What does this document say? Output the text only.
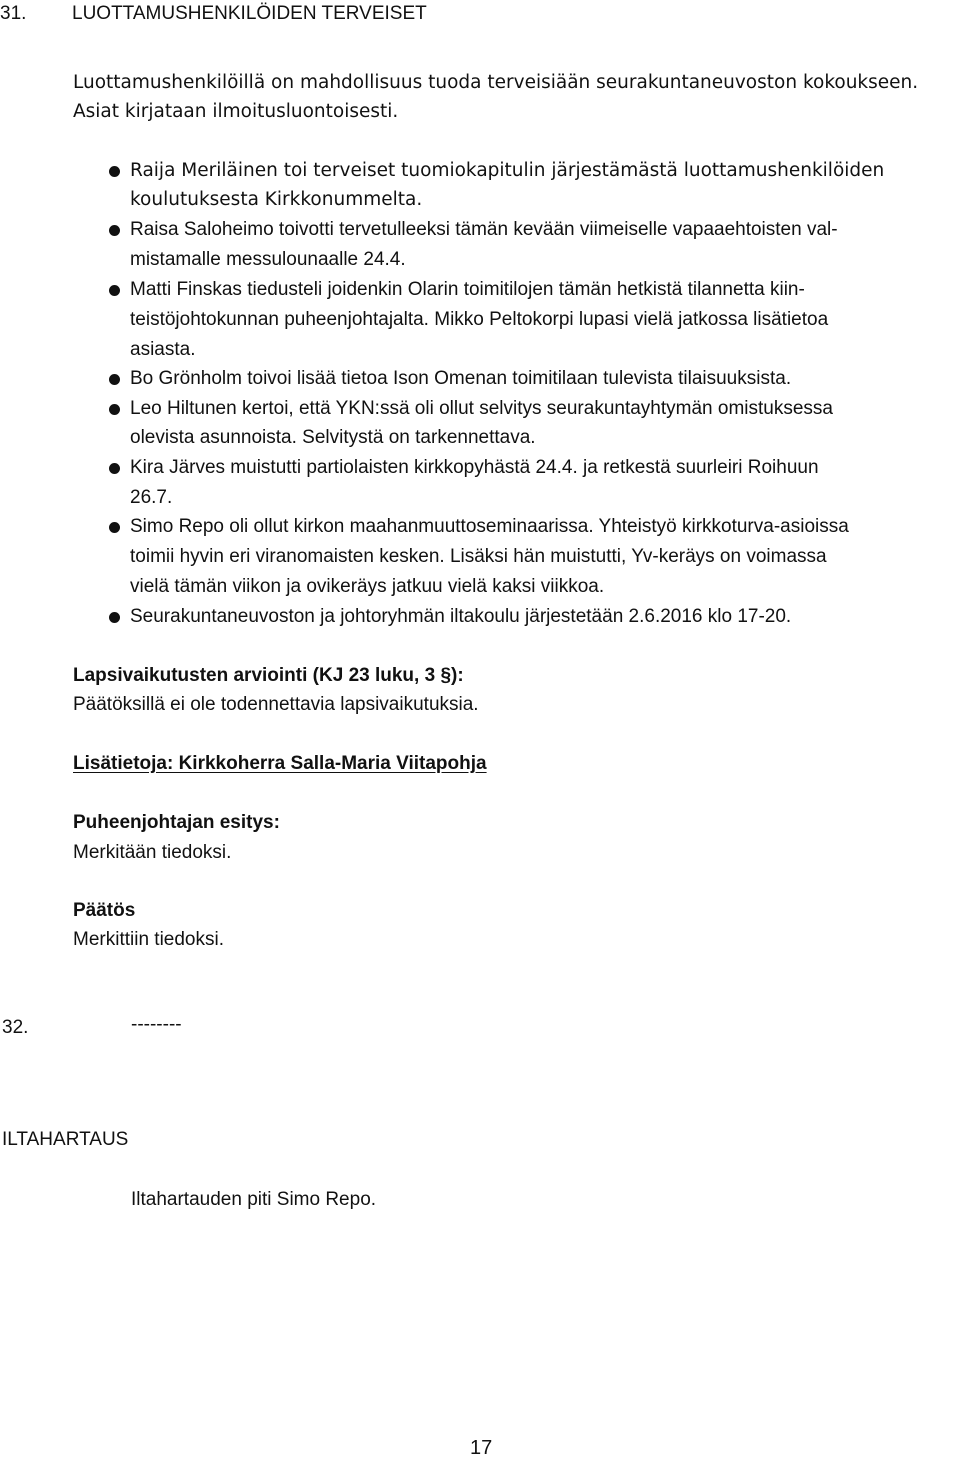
31. LUOTTAMUSHENKILÖIDEN TERVEISET
Luottamushenkilöillä on mahdollisuus tuoda terveisiään seurakuntaneuvoston kokoukseen.
Asiat kirjataan ilmoitusluontoisesti.
Raija Meriläinen toi terveiset tuomiokapitulin järjestämästä luottamushenkilöiden
koulutuksesta Kirkkonummelta.
Raisa Saloheimo toivotti tervetulleeksi tämän kevään viimeiselle vapaaehtoisten val-
mistamalle messulounaalle 24.4.
Matti Finskas tiedusteli joidenkin Olarin toimitilojen tämän hetkistä tilannetta kiin-
teistöjohtokunnan puheenjohtajalta. Mikko Peltokorpi lupasi vielä jatkossa lisätietoa
asiasta.
Bo Grönholm toivoi lisää tietoa Ison Omenan toimitilaan tulevista tilaisuuksista.
Leo Hiltunen kertoi, että YKN:ssä oli ollut selvitys seurakuntayhtymän omistuksessa
olevista asunnoista. Selvitystä on tarkennettava.
Kira Järves muistutti partiolaisten kirkkopyhästä 24.4. ja retkestä suurleiri Roihuun
26.7.
Simo Repo oli ollut kirkon maahanmuuttoseminaarissa. Yhteistyö kirkkoturva-asioissa
toimii hyvin eri viranomaisten kesken. Lisäksi hän muistutti, Yv-keräys on voimassa
vielä tämän viikon ja ovikeräys jatkuu vielä kaksi viikkoa.
Seurakuntaneuvoston ja johtoryhmän iltakoulu järjestetään 2.6.2016 klo 17-20.
Lapsivaikutusten arviointi (KJ 23 luku, 3 §):
Päätöksillä ei ole todennettavia lapsivaikutuksia.
Lisätietoja: Kirkkoherra Salla-Maria Viitapohja
Puheenjohtajan esitys:
Merkitään tiedoksi.
Päätös
Merkittiin tiedoksi.
32.	--------
ILTAHARTAUS
Iltahartauden piti Simo Repo.
17
